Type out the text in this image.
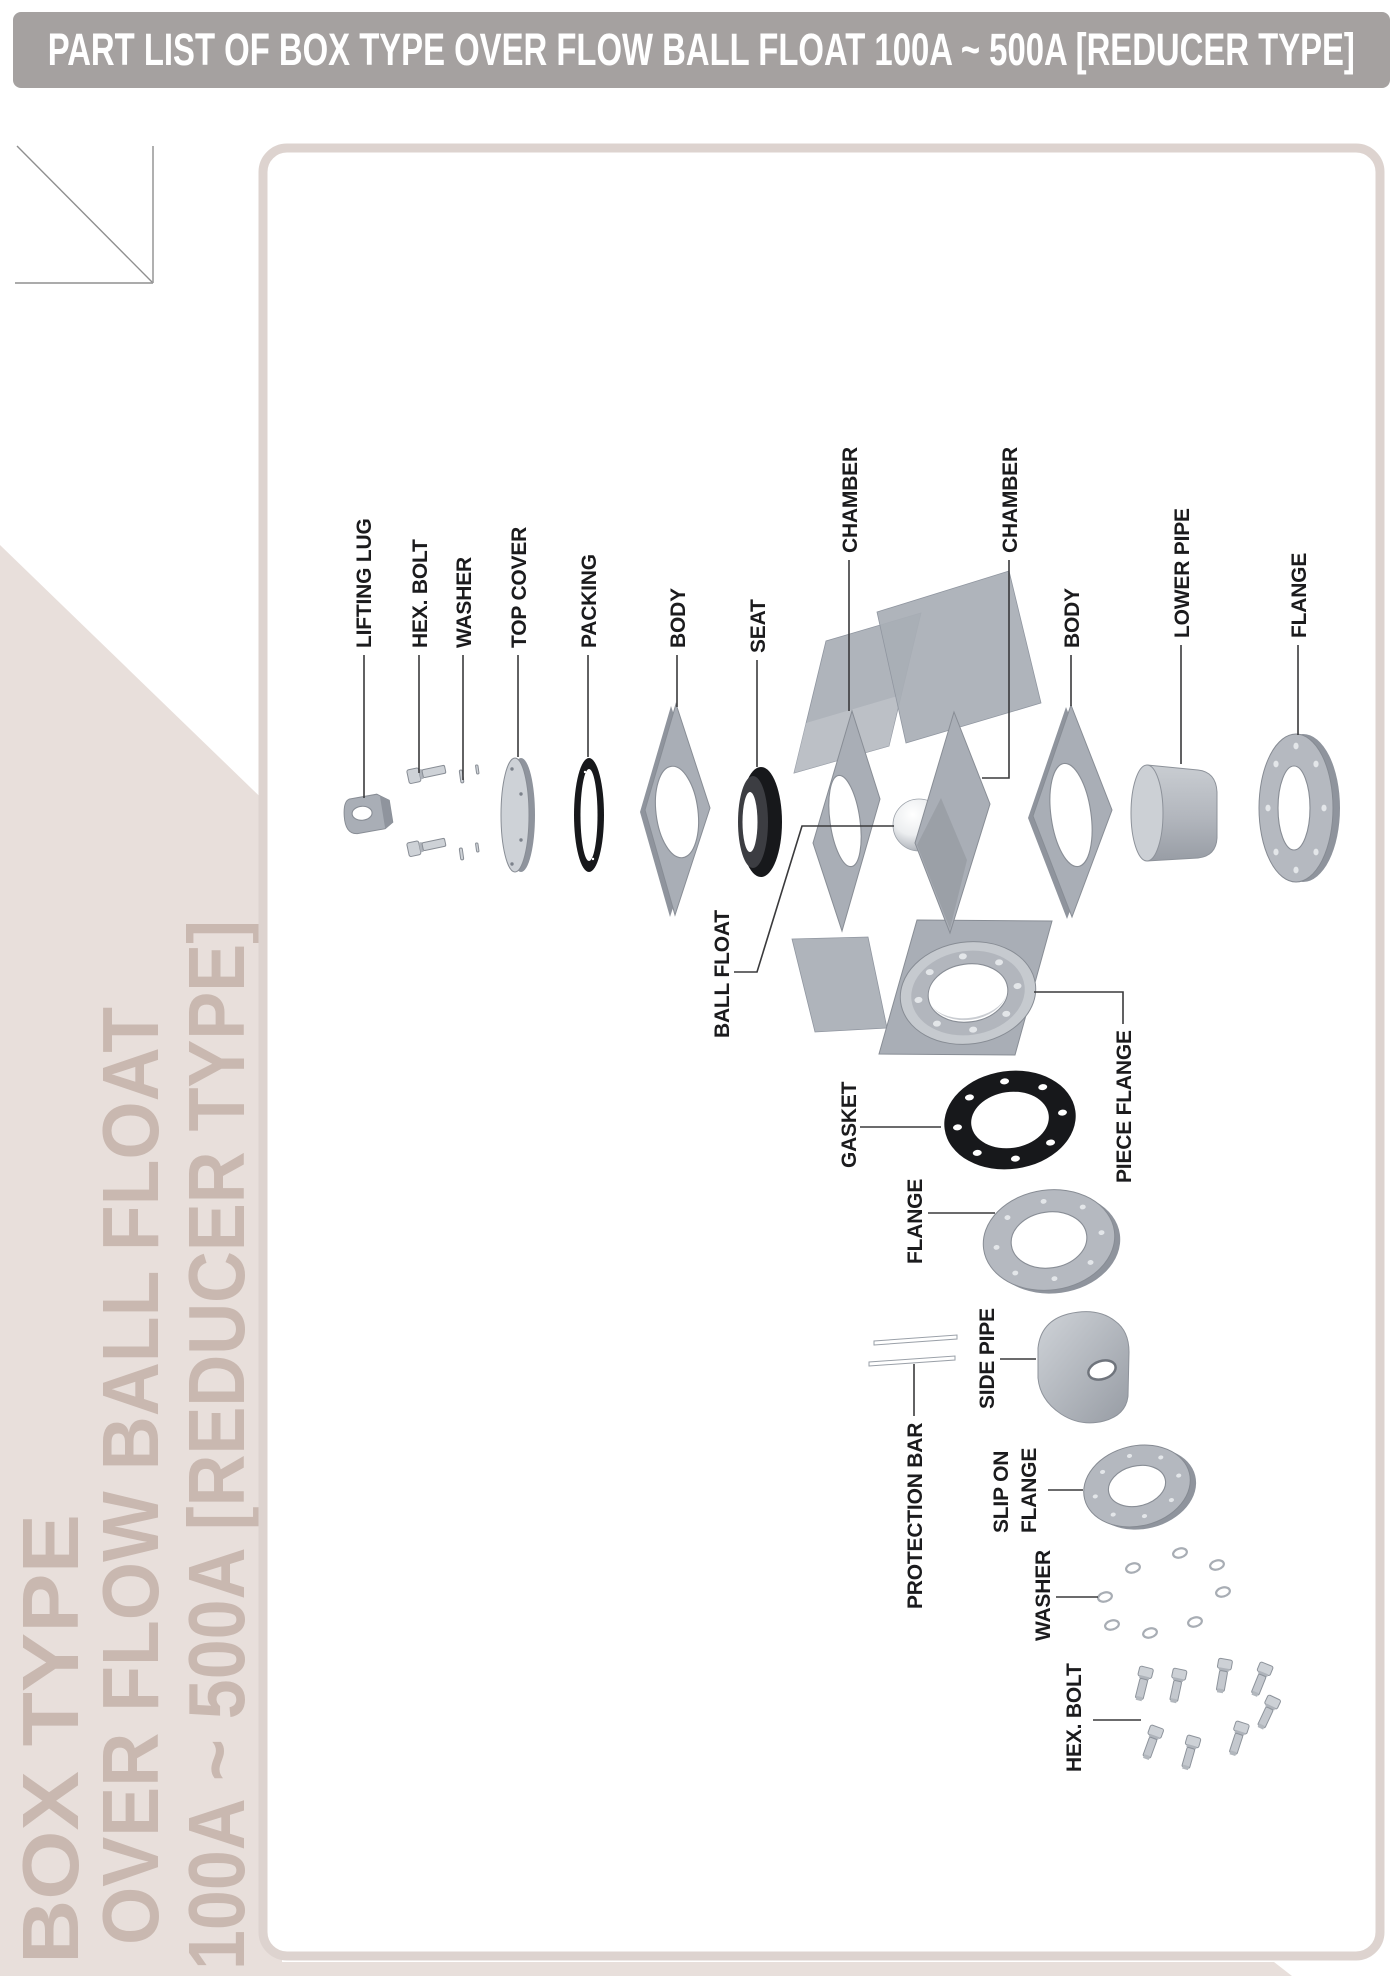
PART LIST OF BOX TYPE OVER FLOW BALL FLOAT 100A ~ 500A [REDUCER TYPE]
BOX TYPE
OVER FLOW BALL FLOAT
100A ~ 500A [REDUCER TYPE]
LIFTING LUG HEX. BOLT WASHER TOP COVER PACKING	BODY	SEAT
CHAMBER	CHAMBER
BODY	LOWER PIPE	FLANGE
BALL FLOAT
GASKET	PIECE FLANGE
FLANGE
SIDE PIPE
PROTECTION BAR	SLIP ON FLANGE
WASHER
HEX. BOLT
